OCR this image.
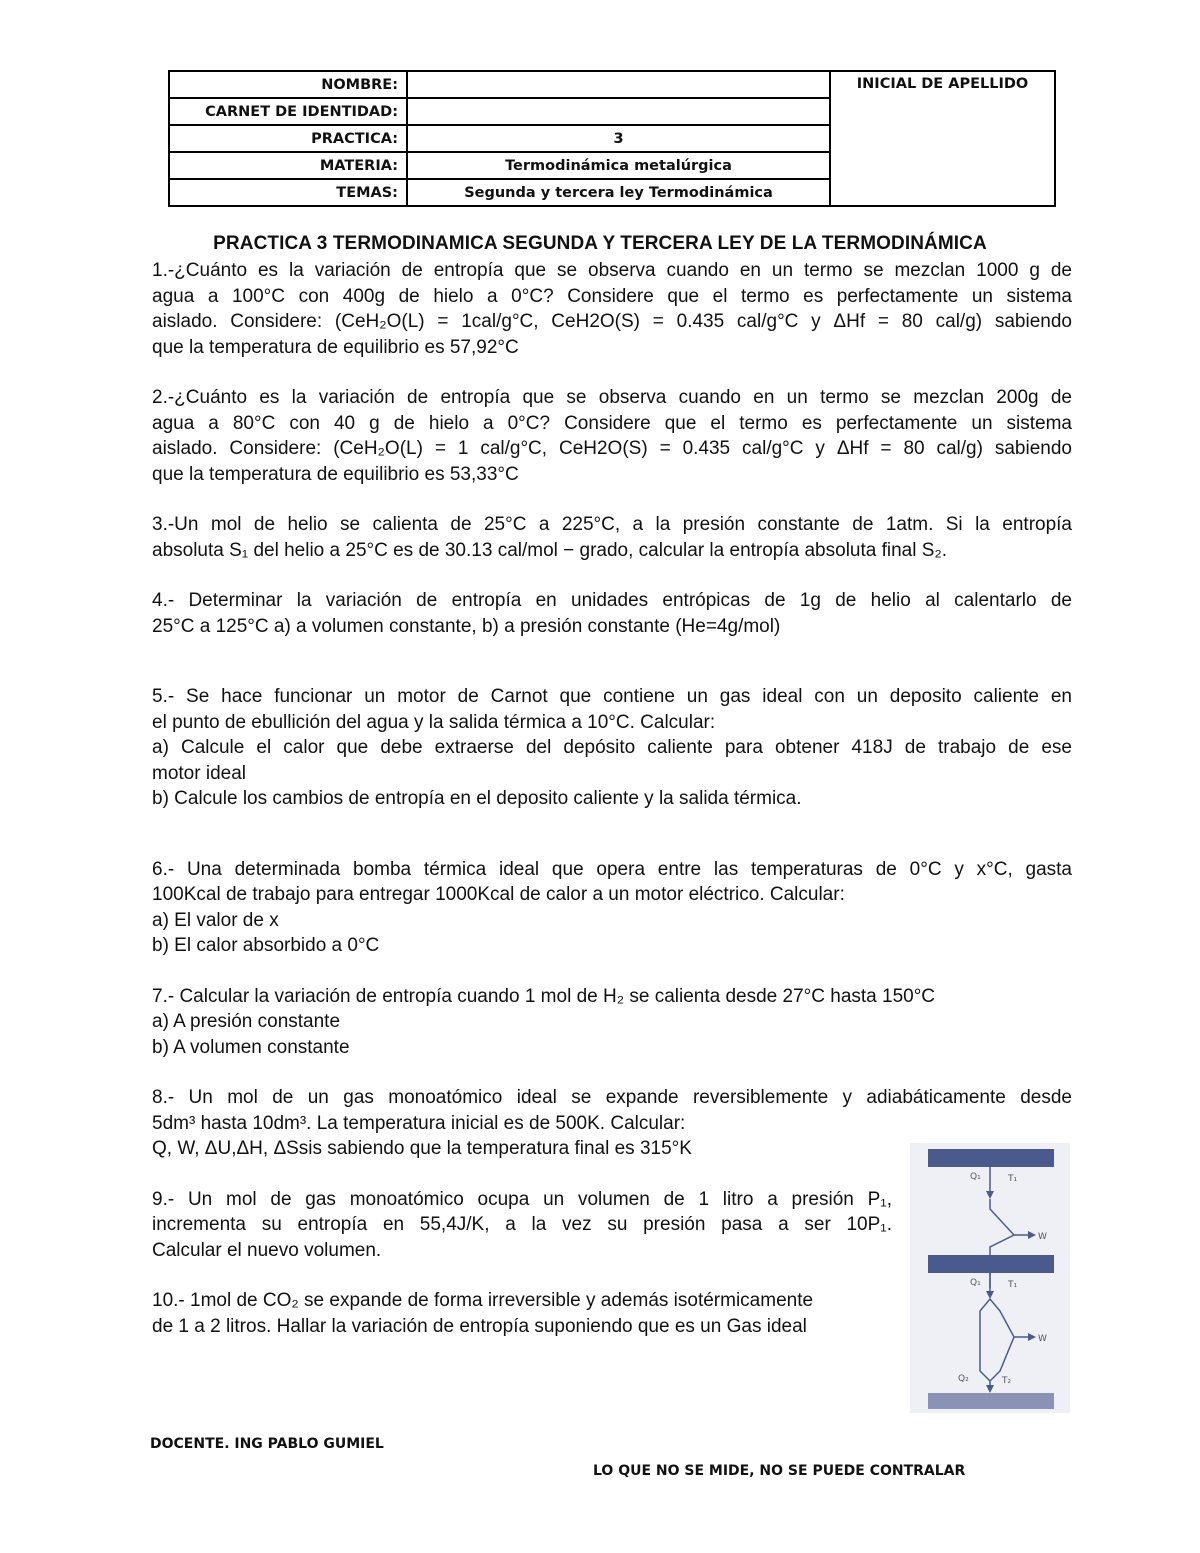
NOMBRE:		INICIAL DE APELLIDO
CARNET DE IDENTIDAD:		
PRACTICA:	3	
MATERIA:	Termodinámica metalúrgica	
TEMAS:	Segunda y tercera ley Termodinámica	
PRACTICA 3 TERMODINAMICA SEGUNDA Y TERCERA LEY DE LA TERMODINÁMICA

1.-¿Cuánto es la variación de entropía que se observa cuando en un termo se mezclan 1000 g de

agua a 100°C con 400g de hielo a 0°C? Considere que el termo es perfectamente un sistema

aislado. Considere: (CeH₂O(L) = 1cal/g°C, CeH2O(S) = 0.435 cal/g°C y ΔHf = 80 cal/g) sabiendo

que la temperatura de equilibrio es 57,92°C

2.-¿Cuánto es la variación de entropía que se observa cuando en un termo se mezclan 200g de

agua a 80°C con 40 g de hielo a 0°C? Considere que el termo es perfectamente un sistema

aislado. Considere: (CeH₂O(L) = 1 cal/g°C, CeH2O(S) = 0.435 cal/g°C y ΔHf = 80 cal/g) sabiendo

que la temperatura de equilibrio es 53,33°C

3.-Un mol de helio se calienta de 25°C a 225°C, a la presión constante de 1atm. Si la entropía

absoluta S₁ del helio a 25°C es de 30.13 cal/mol − grado, calcular la entropía absoluta final S₂.

4.- Determinar la variación de entropía en unidades entrópicas de 1g de helio al calentarlo de

25°C a 125°C a) a volumen constante, b) a presión constante (He=4g/mol)

5.- Se hace funcionar un motor de Carnot que contiene un gas ideal con un deposito caliente en

el punto de ebullición del agua y la salida térmica a 10°C. Calcular:

a) Calcule el calor que debe extraerse del depósito caliente para obtener 418J de trabajo de ese

motor ideal

b) Calcule los cambios de entropía en el deposito caliente y la salida térmica.

6.- Una determinada bomba térmica ideal que opera entre las temperaturas de 0°C y x°C, gasta

100Kcal de trabajo para entregar 1000Kcal de calor a un motor eléctrico. Calcular:

a) El valor de x

b) El calor absorbido a 0°C

7.- Calcular la variación de entropía cuando 1 mol de H₂ se calienta desde 27°C hasta 150°C

a) A presión constante

b) A volumen constante

8.- Un mol de un gas monoatómico ideal se expande reversiblemente y adiabáticamente desde

5dm³ hasta 10dm³. La temperatura inicial es de 500K. Calcular:

Q, W, ΔU,ΔH, ΔSsis sabiendo que la temperatura final es 315°K

9.- Un mol de gas monoatómico ocupa un volumen de 1 litro a presión P₁,

incrementa su entropía en 55,4J/K, a la vez su presión pasa a ser 10P₁.

Calcular el nuevo volumen.

10.- 1mol de CO₂ se expande de forma irreversible y además isotérmicamente

de 1 a 2 litros. Hallar la variación de entropía suponiendo que es un Gas ideal

Q₁	T₁
W
Q₁	T₁
W
Q₂	T₂
DOCENTE. ING PABLO GUMIEL
LO QUE NO SE MIDE, NO SE PUEDE CONTRALAR
